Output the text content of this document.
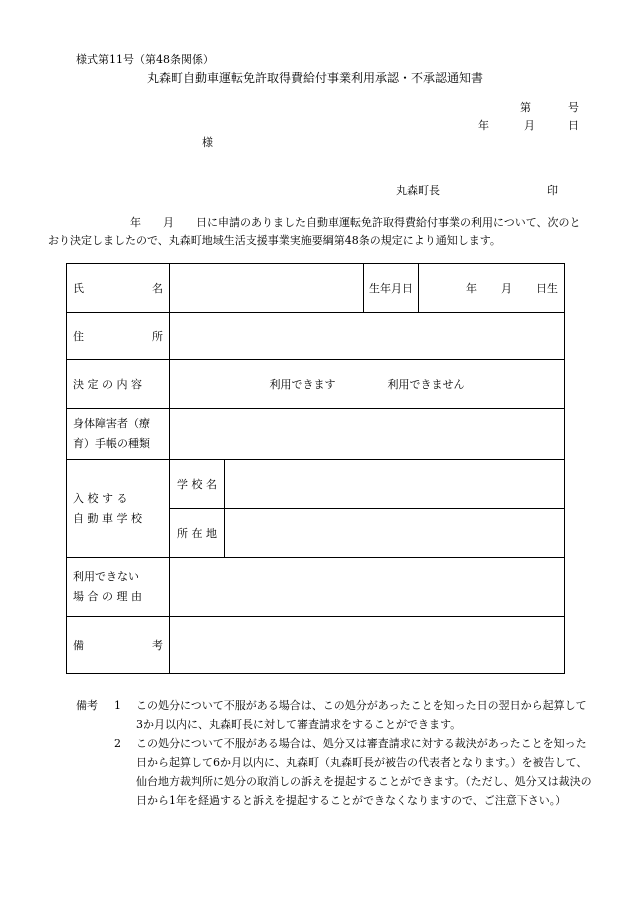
様式第11号（第48条関係）
丸森町自動車運転免許取得費給付事業利用承認・不承認通知書
第	号
年	月	日
様
丸森町長	印

年　　月　　日に申請のありました自動車運転免許取得費給付事業の利用について、次のと

おり決定しましたので、丸森町地域生活支援事業実施要綱第48条の規定により通知します。

氏 名			生年月日	年 月 日生

住 所				

決 定 の 内 容	利用できます 利用できません			

身体障害者（療
育）手帳の種類				

入 校 す る
自 動 車 学 校	学 校 名			
	所 在 地			

利用できない
場 合 の 理 由				

備 考				

備考	1	この処分について不服がある場合は、この処分があったことを知った日の翌日から起算して
3か月以内に、丸森町長に対して審査請求をすることができます。
2	この処分について不服がある場合は、処分又は審査請求に対する裁決があったことを知った
日から起算して6か月以内に、丸森町（丸森町長が被告の代表者となります。）を被告して、
仙台地方裁判所に処分の取消しの訴えを提起することができます。（ただし、処分又は裁決の
日から1年を経過すると訴えを提起することができなくなりますので、ご注意下さい。）
